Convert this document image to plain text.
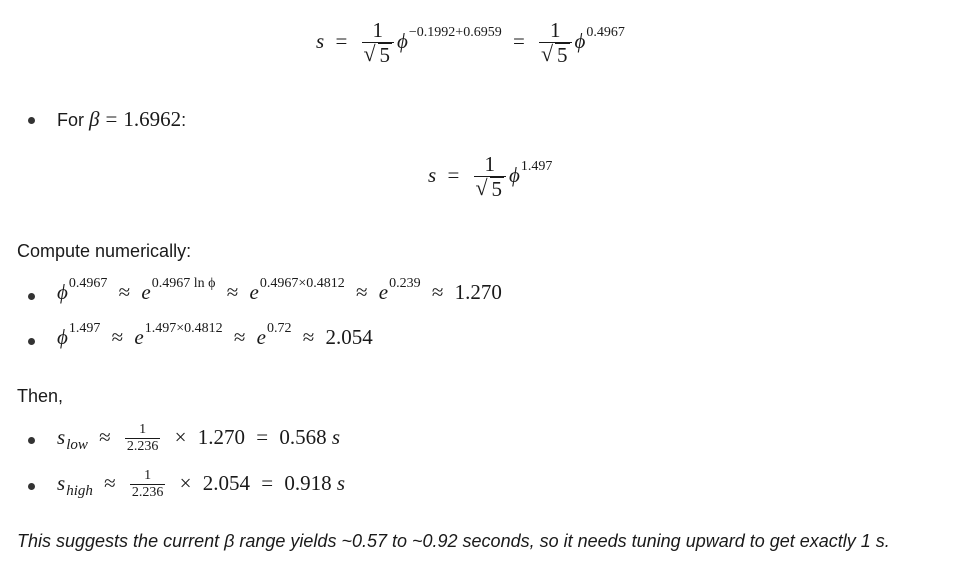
$s = \frac{1}{√ 5} \phi^{-0.1992+0.6959} = \frac{1}{√ 5} \phi^{0.4967}$
For β = 1.6962:
$s = \frac{1}{√ 5} \phi^{1.497}$
Compute numerically:
$\phi^{0.4967} \approx e^{0.4967 ln \phi} \approx e^{0.4967\times 0.4812} \approx e^{0.239} \approx 1.270$
$\phi^{1.497} \approx e^{1.497\times 0.4812} \approx e^{0.72} \approx 2.054$
Then,
$s_{low} \approx \frac{1}{2.236} \times 1.270 = 0.568$ s
$s_{high} \approx \frac{1}{2.236} \times 2.054 = 0.918$ s
This suggests the current β range yields ~0.57 to ~0.92 seconds, so it needs tuning upward to get exactly 1 s.
